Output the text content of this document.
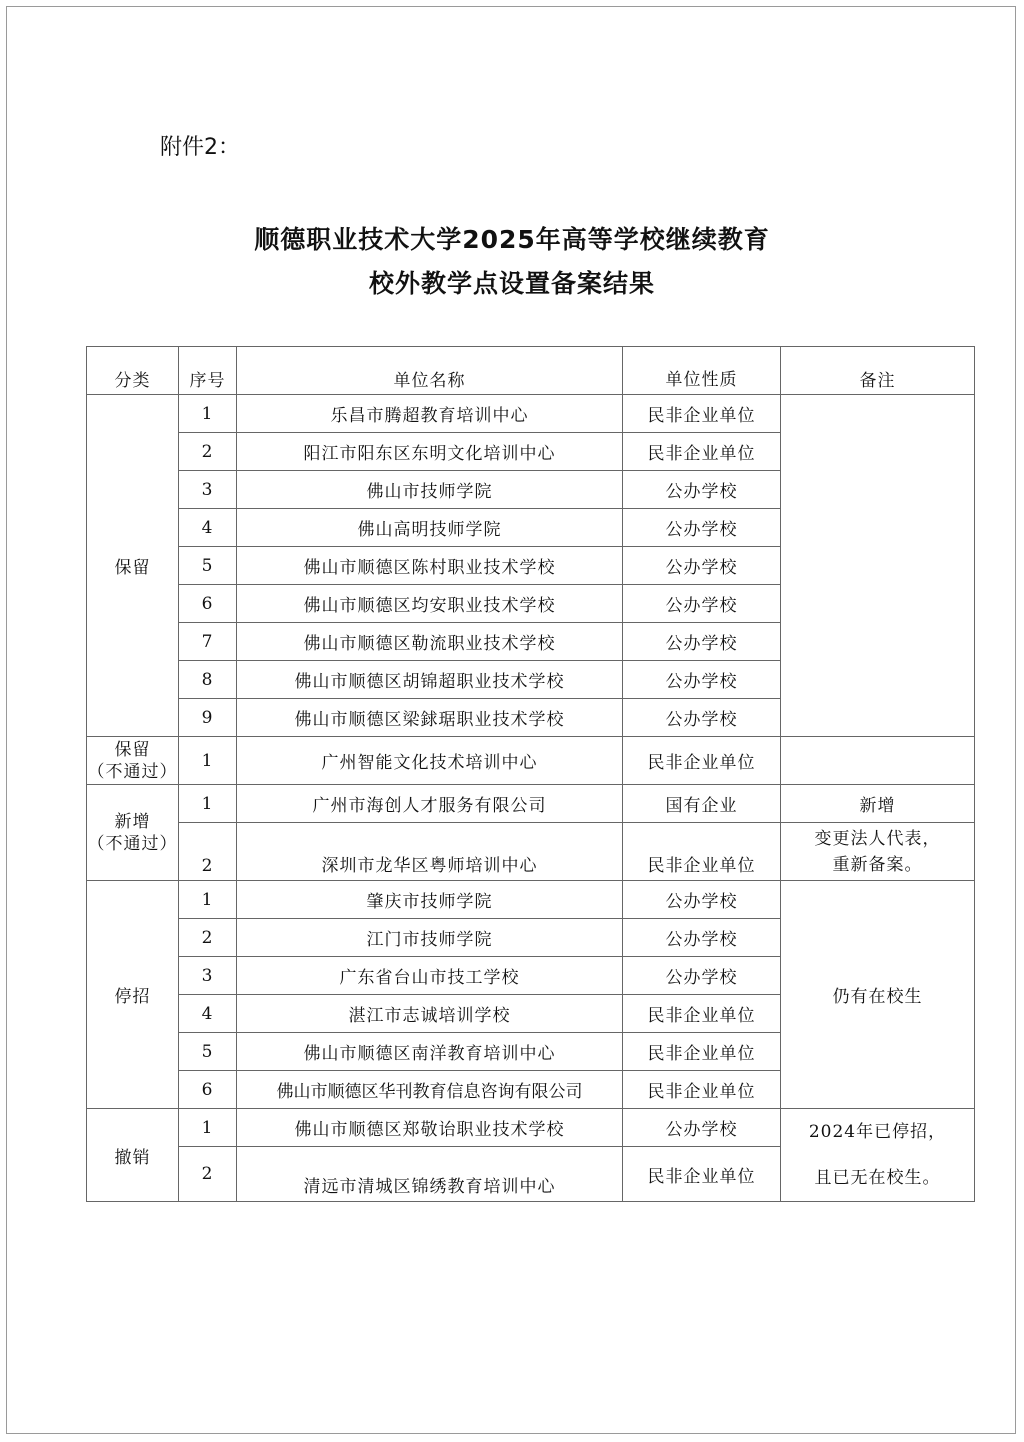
附件2：
顺德职业技术大学2025年高等学校继续教育
校外教学点设置备案结果
分类	序号	单位名称	单位性质	备注
保留	1	乐昌市腾超教育培训中心	民非企业单位	
	2	阳江市阳东区东明文化培训中心	民非企业单位	
	3	佛山市技师学院	公办学校	
	4	佛山高明技师学院	公办学校	
	5	佛山市顺德区陈村职业技术学校	公办学校	
	6	佛山市顺德区均安职业技术学校	公办学校	
	7	佛山市顺德区勒流职业技术学校	公办学校	
	8	佛山市顺德区胡锦超职业技术学校	公办学校	
	9	佛山市顺德区梁銶琚职业技术学校	公办学校	

保留
（不通过）	1	广州智能文化技术培训中心	民非企业单位	

新增
（不通过）	1	广州市海创人才服务有限公司	国有企业	新增
	2	深圳市龙华区粤师培训中心	民非企业单位	变更法人代表，
重新备案。

停招	1	肇庆市技师学院	公办学校	仍有在校生
	2	江门市技师学院	公办学校	
	3	广东省台山市技工学校	公办学校	
	4	湛江市志诚培训学校	民非企业单位	
	5	佛山市顺德区南洋教育培训中心	民非企业单位	
	6	佛山市顺德区华刊教育信息咨询有限公司	民非企业单位	
撤销	1	佛山市顺德区郑敬诒职业技术学校	公办学校	2024年已停招，
且已无在校生。

	2	清远市清城区锦绣教育培训中心	民非企业单位	
